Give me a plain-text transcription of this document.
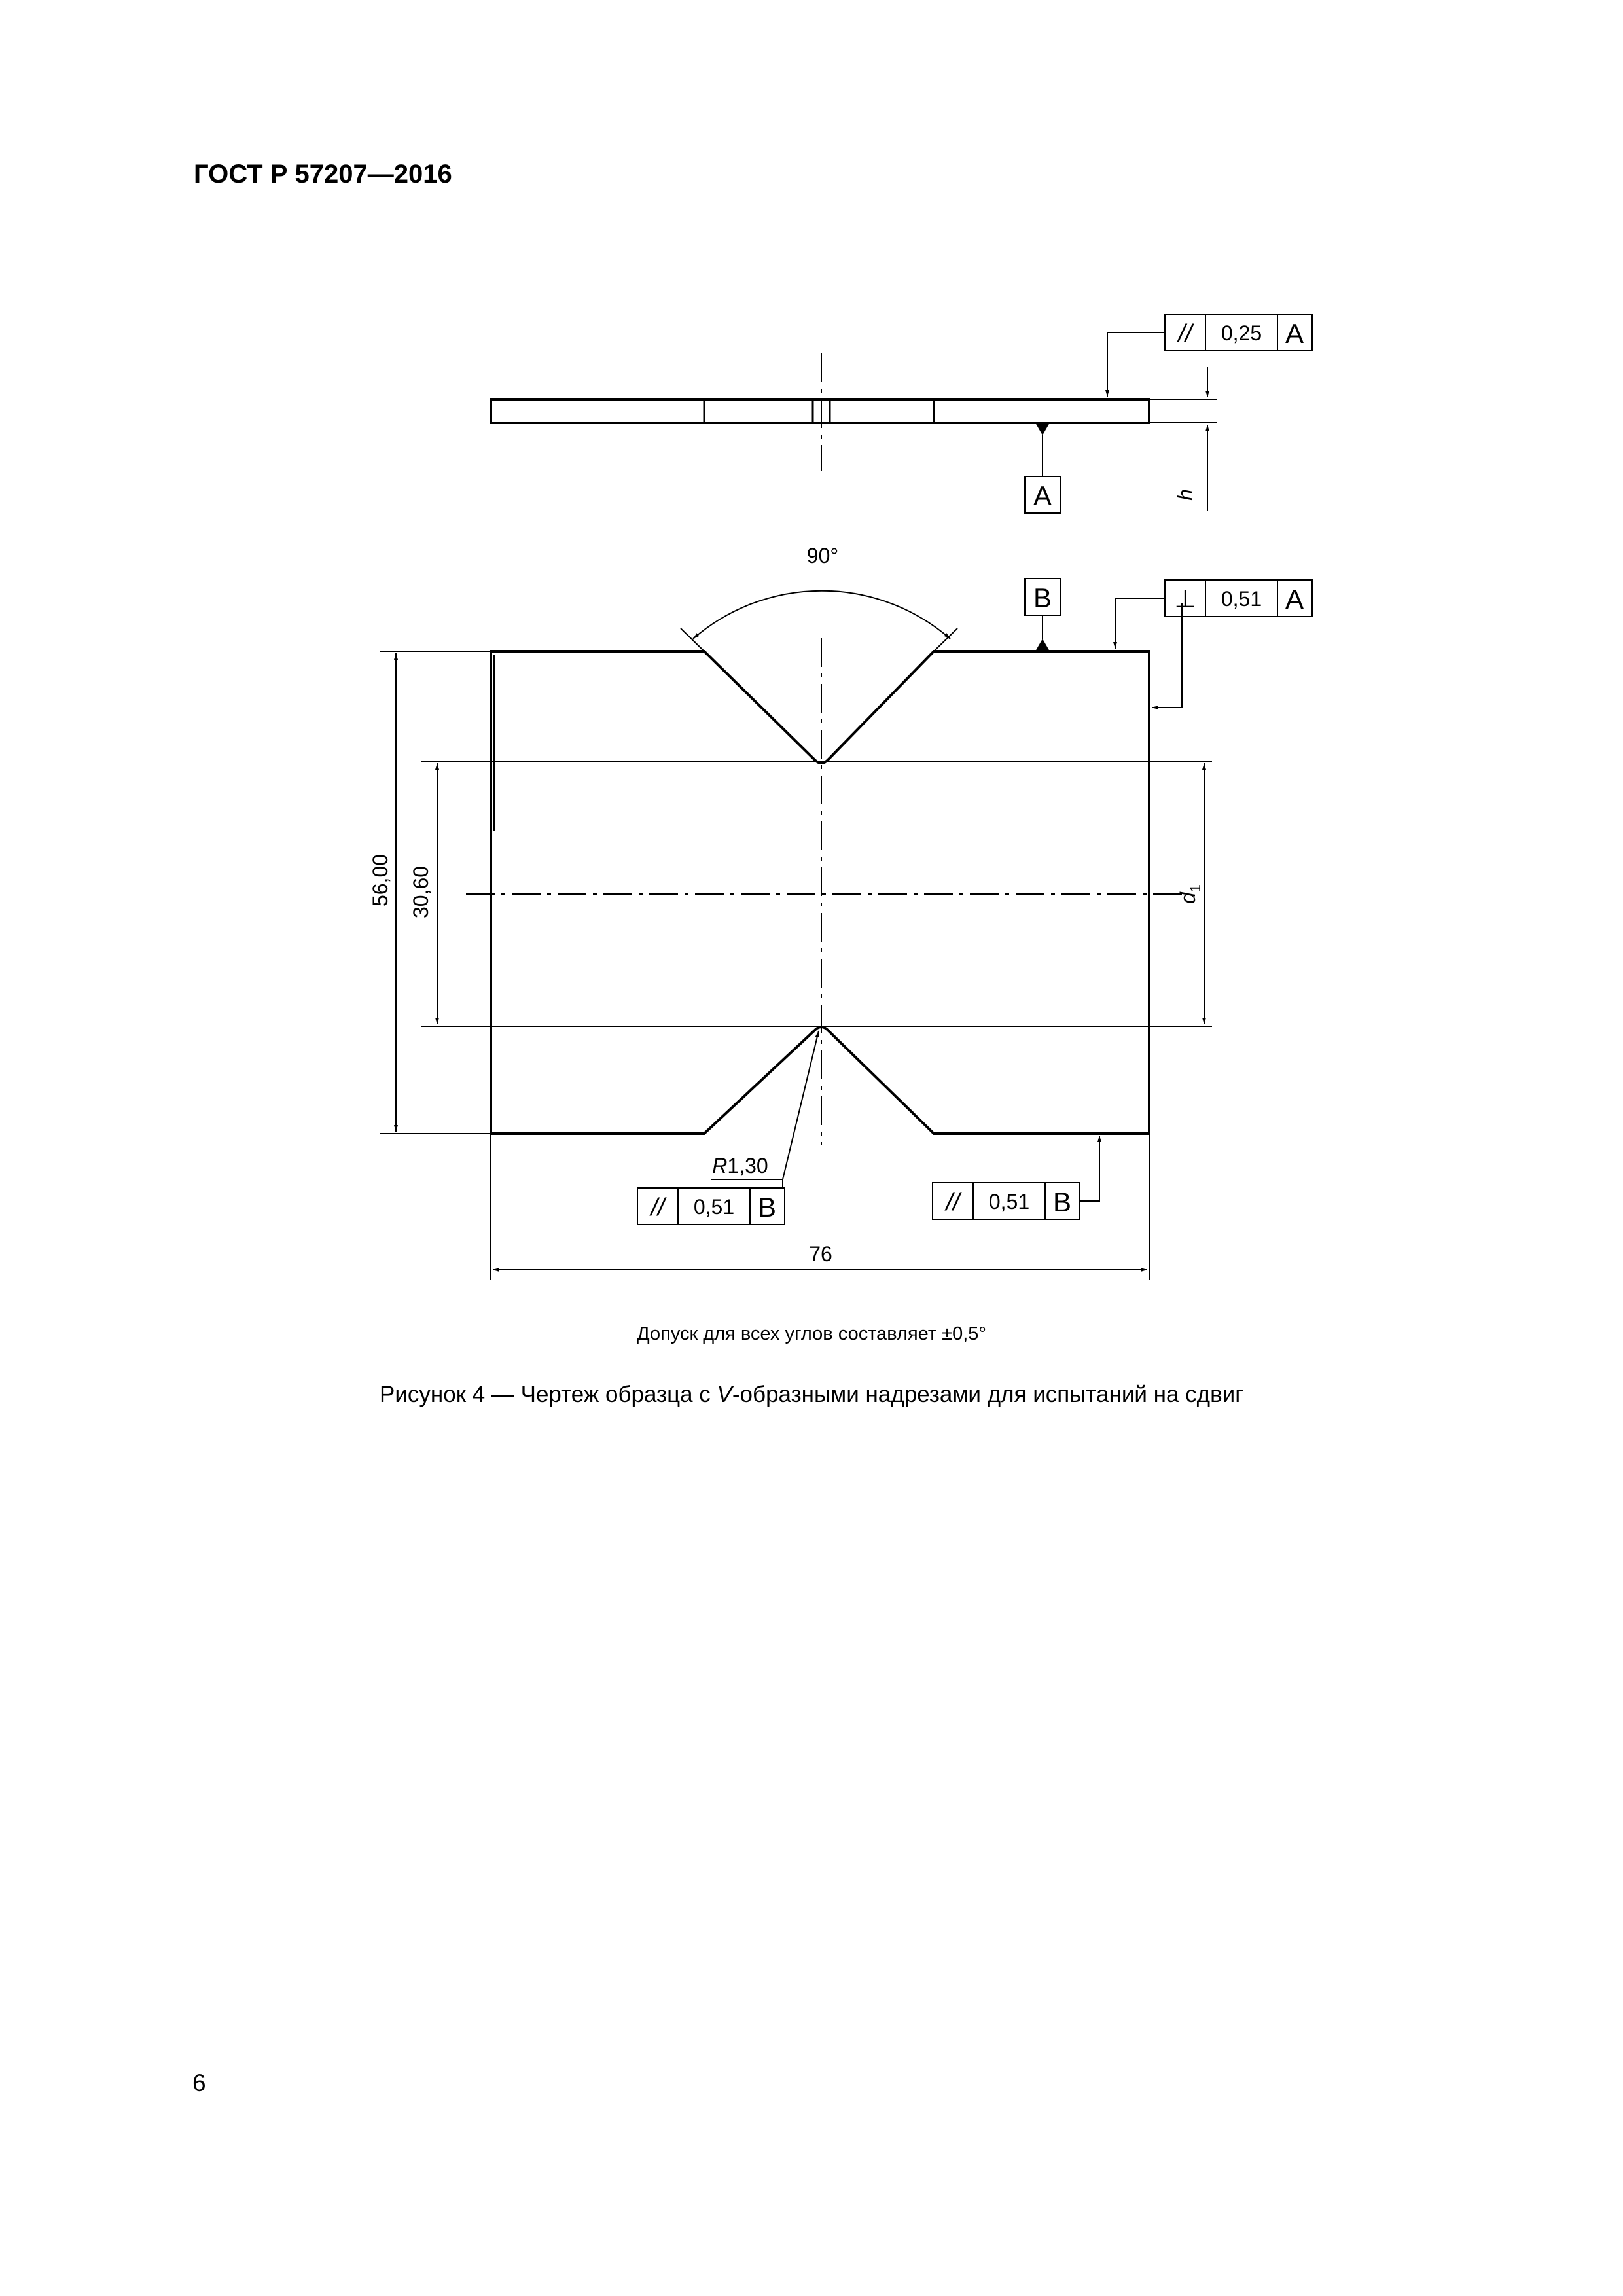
ГОСТ Р 57207—2016
// 0,25 A
A	h
90°
B	⊥ 0,51 A
56,00 30,60	$d_1$
R1,30
// 0,51 B	// 0,51 B
76
Допуск для всех углов составляет ±0,5°
Рисунок 4 — Чертеж образца с V-образными надрезами для испытаний на сдвиг
6
